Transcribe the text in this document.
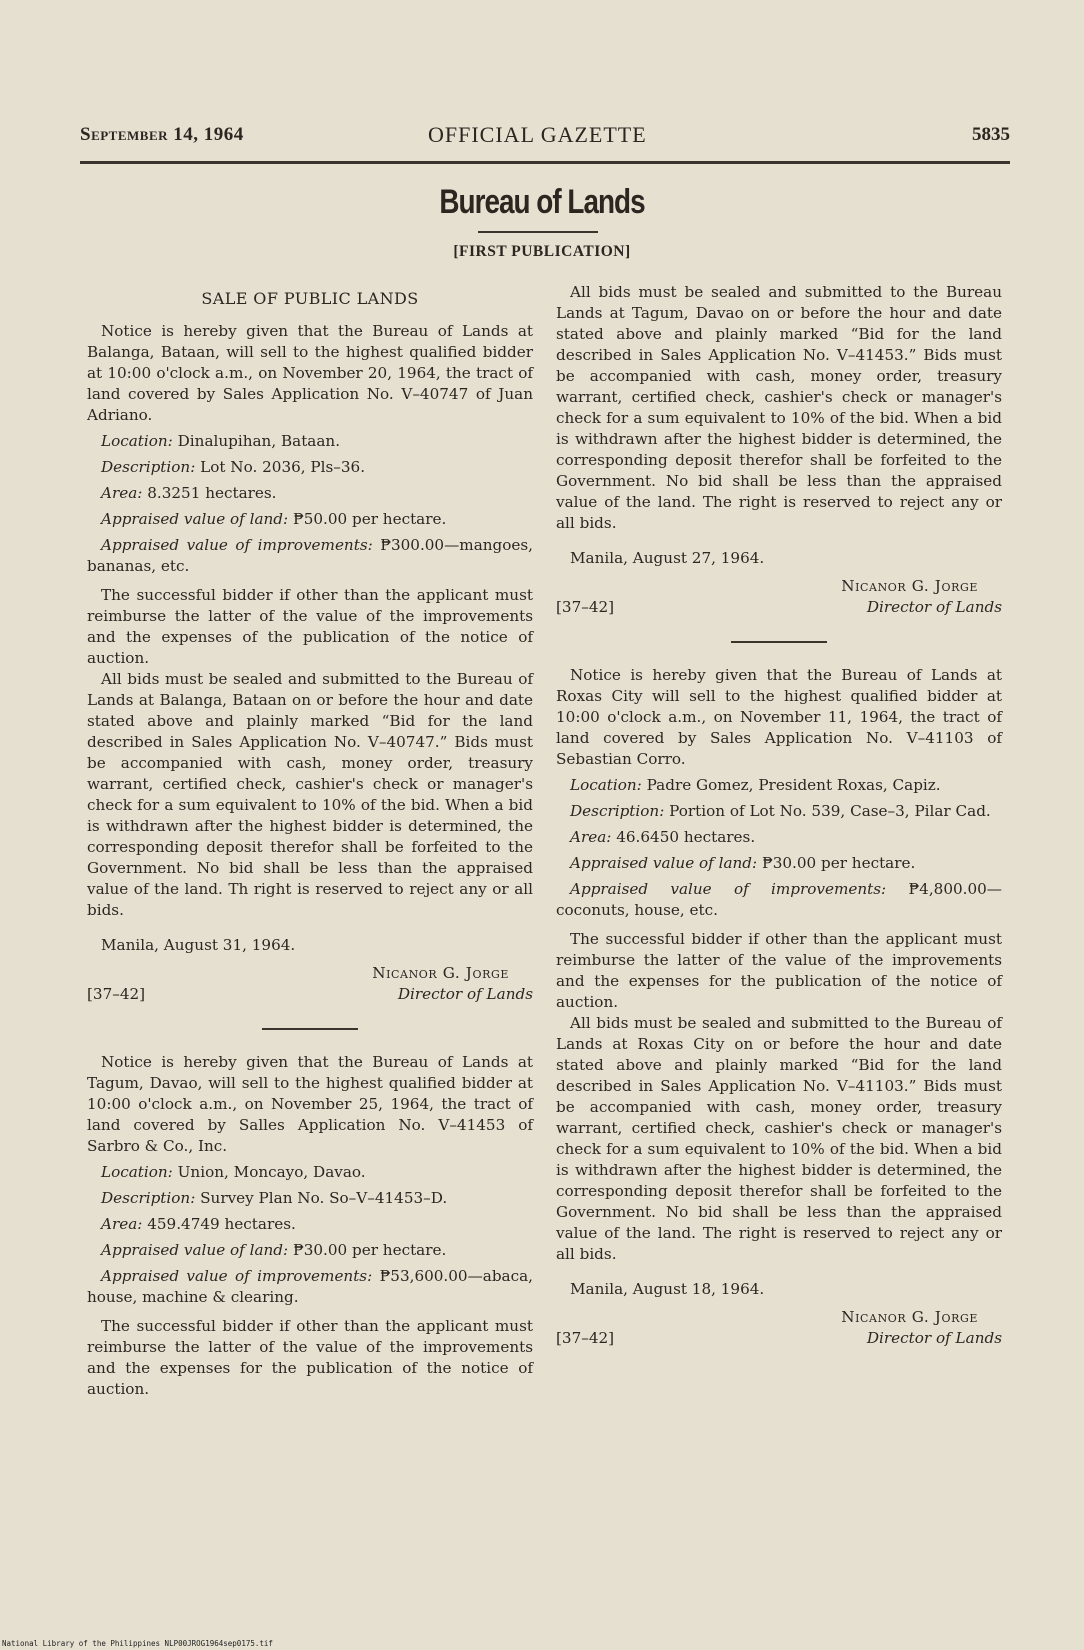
September 14, 1964	OFFICIAL GAZETTE	5835
Bureau of Lands
[FIRST PUBLICATION]

SALE OF PUBLIC LANDS

Notice is hereby given that the Bureau of Lands at Balanga, Bataan, will sell to the highest qualified bidder at 10:00 o'clock a.m., on November 20, 1964, the tract of land covered by Sales Application No. V–40747 of Juan Adriano.

Location: Dinalupihan, Bataan.

Description: Lot No. 2036, Pls–36.

Area: 8.3251 hectares.

Appraised value of land: ₱50.00 per hectare.

Appraised value of improvements: ₱300.00—mangoes, bananas, etc.

The successful bidder if other than the applicant must reimburse the latter of the value of the improvements and the expenses of the publication of the notice of auction.

All bids must be sealed and submitted to the Bureau of Lands at Balanga, Bataan on or before the hour and date stated above and plainly marked “Bid for the land described in Sales Application No. V–40747.” Bids must be accompanied with cash, money order, treasury warrant, certified check, cashier's check or manager's check for a sum equivalent to 10% of the bid. When a bid is withdrawn after the highest bidder is determined, the corresponding deposit therefor shall be forfeited to the Government. No bid shall be less than the appraised value of the land. Th right is reserved to reject any or all bids.

Manila, August 31, 1964.

Nicanor G. Jorge
[37–42]	Director of Lands

Notice is hereby given that the Bureau of Lands at Tagum, Davao, will sell to the highest qualified bidder at 10:00 o'clock a.m., on November 25, 1964, the tract of land covered by Salles Application No. V–41453 of Sarbro & Co., Inc.

Location: Union, Moncayo, Davao.

Description: Survey Plan No. So–V–41453–D.

Area: 459.4749 hectares.

Appraised value of land: ₱30.00 per hectare.

Appraised value of improvements: ₱53,600.00—abaca, house, machine & clearing.

The successful bidder if other than the applicant must reimburse the latter of the value of the improvements and the expenses for the publication of the notice of auction.

All bids must be sealed and submitted to the Bureau Lands at Tagum, Davao on or before the hour and date stated above and plainly marked “Bid for the land described in Sales Application No. V–41453.” Bids must be accompanied with cash, money order, treasury warrant, certified check, cashier's check or manager's check for a sum equivalent to 10% of the bid. When a bid is withdrawn after the highest bidder is determined, the corresponding deposit therefor shall be forfeited to the Government. No bid shall be less than the appraised value of the land. The right is reserved to reject any or all bids.

Manila, August 27, 1964.

Nicanor G. Jorge
[37–42]	Director of Lands

Notice is hereby given that the Bureau of Lands at Roxas City will sell to the highest qualified bidder at 10:00 o'clock a.m., on November 11, 1964, the tract of land covered by Sales Application No. V–41103 of Sebastian Corro.

Location: Padre Gomez, President Roxas, Capiz.

Description: Portion of Lot No. 539, Case–3, Pilar Cad.

Area: 46.6450 hectares.

Appraised value of land: ₱30.00 per hectare.

Appraised value of improvements: ₱4,800.00—coconuts, house, etc.

The successful bidder if other than the applicant must reimburse the latter of the value of the improvements and the expenses for the publication of the notice of auction.

All bids must be sealed and submitted to the Bureau of Lands at Roxas City on or before the hour and date stated above and plainly marked “Bid for the land described in Sales Application No. V–41103.” Bids must be accompanied with cash, money order, treasury warrant, certified check, cashier's check or manager's check for a sum equivalent to 10% of the bid. When a bid is withdrawn after the highest bidder is determined, the corresponding deposit therefor shall be forfeited to the Government. No bid shall be less than the appraised value of the land. The right is reserved to reject any or all bids.

Manila, August 18, 1964.

Nicanor G. Jorge
[37–42]	Director of Lands
National Library of the Philippines NLP00JROG1964sep0175.tif
